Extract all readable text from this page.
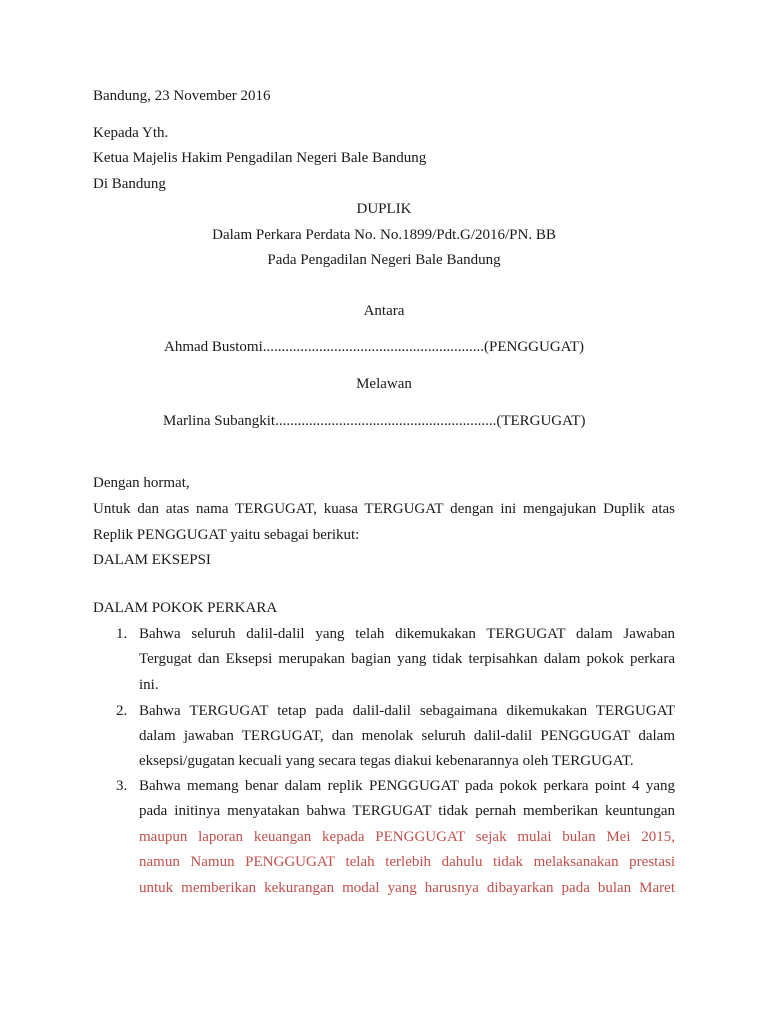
Bandung, 23 November 2016
Kepada Yth.
Ketua Majelis Hakim Pengadilan Negeri Bale Bandung
Di Bandung
DUPLIK
Dalam Perkara Perdata No. No.1899/Pdt.G/2016/PN. BB
Pada Pengadilan Negeri Bale Bandung
Antara
Ahmad Bustomi...........................................................(PENGGUGAT)
Melawan
Marlina Subangkit...........................................................(TERGUGAT)
Dengan hormat,
Untuk dan atas nama TERGUGAT, kuasa TERGUGAT dengan ini mengajukan Duplik atas
Replik PENGGUGAT yaitu sebagai berikut:
DALAM EKSEPSI
DALAM POKOK PERKARA
1. Bahwa seluruh dalil-dalil yang telah dikemukakan TERGUGAT dalam Jawaban
Tergugat dan Eksepsi merupakan bagian yang tidak terpisahkan dalam pokok perkara
ini.
2. Bahwa TERGUGAT tetap pada dalil-dalil sebagaimana dikemukakan TERGUGAT
dalam jawaban TERGUGAT, dan menolak seluruh dalil-dalil PENGGUGAT dalam
eksepsi/gugatan kecuali yang secara tegas diakui kebenarannya oleh TERGUGAT.
3. Bahwa memang benar dalam replik PENGGUGAT pada pokok perkara point 4 yang
pada initinya menyatakan bahwa TERGUGAT tidak pernah memberikan keuntungan
maupun laporan keuangan kepada PENGGUGAT sejak mulai bulan Mei 2015,
namun Namun PENGGUGAT telah terlebih dahulu tidak melaksanakan prestasi
untuk memberikan kekurangan modal yang harusnya dibayarkan pada bulan Maret
